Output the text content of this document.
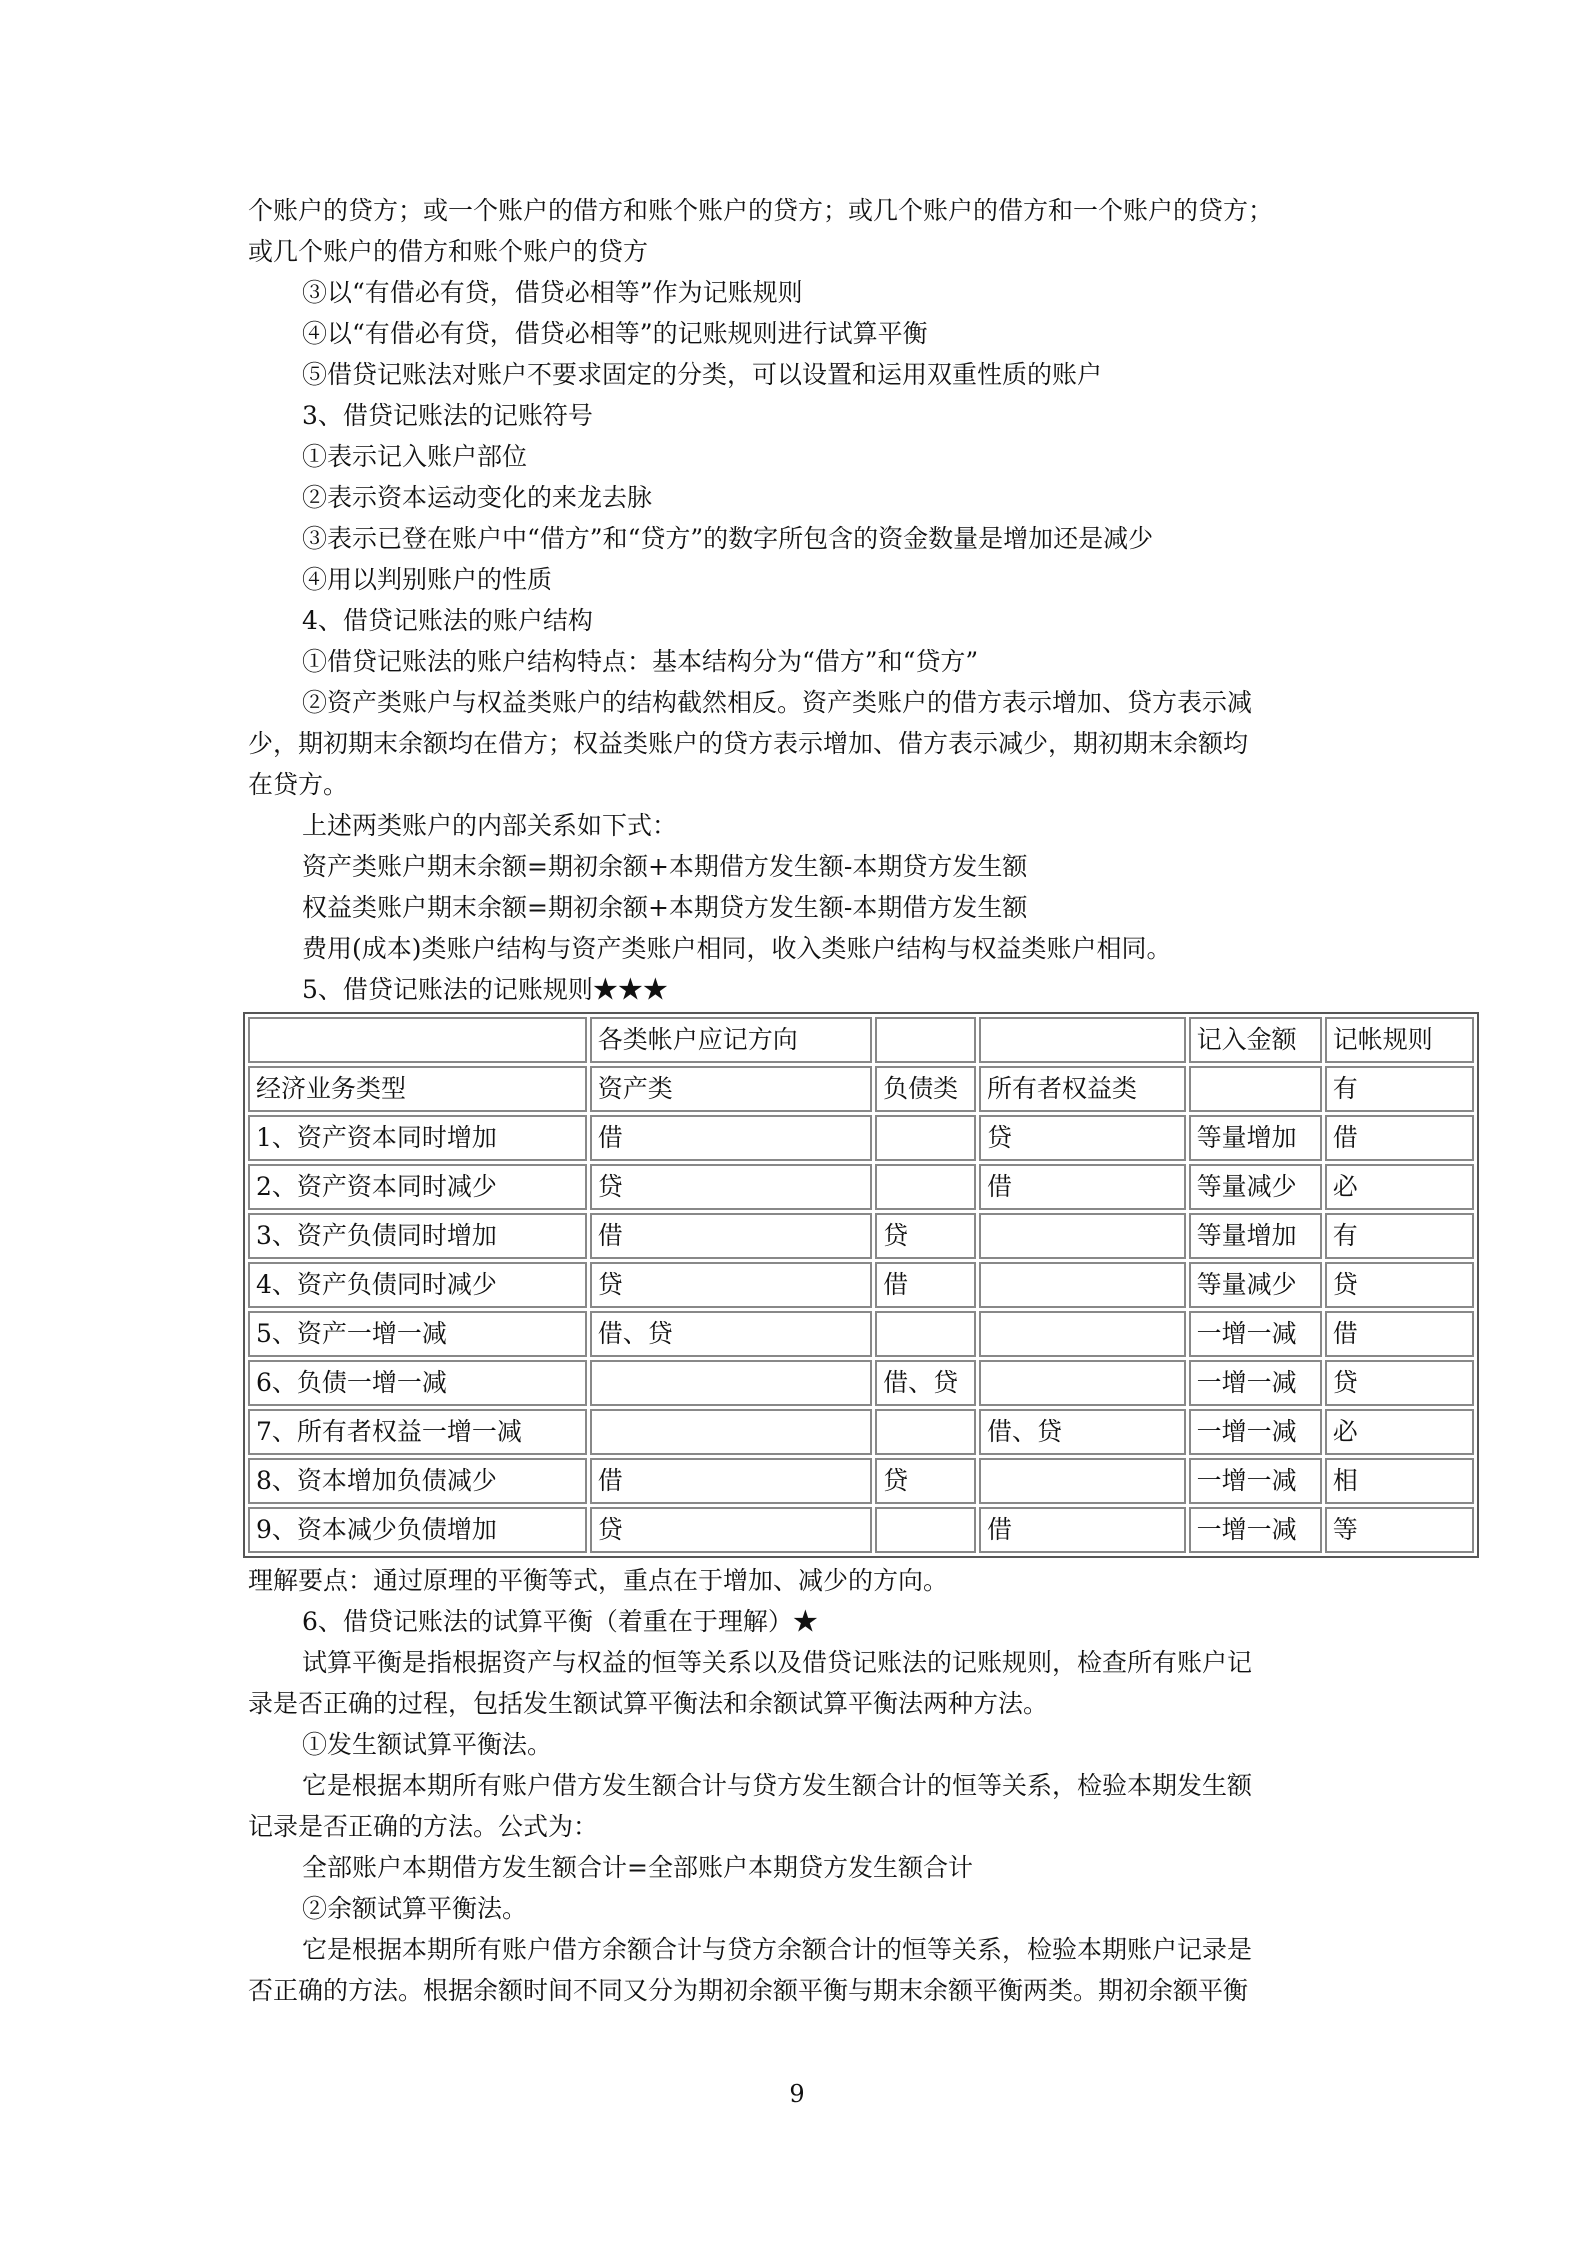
个账户的贷方；或一个账户的借方和账个账户的贷方；或几个账户的借方和一个账户的贷方；

或几个账户的借方和账个账户的贷方

③以“有借必有贷，借贷必相等”作为记账规则

④以“有借必有贷，借贷必相等”的记账规则进行试算平衡

⑤借贷记账法对账户不要求固定的分类，可以设置和运用双重性质的账户

3、借贷记账法的记账符号

①表示记入账户部位

②表示资本运动变化的来龙去脉

③表示已登在账户中“借方”和“贷方”的数字所包含的资金数量是增加还是减少

④用以判别账户的性质

4、借贷记账法的账户结构

①借贷记账法的账户结构特点：基本结构分为“借方”和“贷方”

②资产类账户与权益类账户的结构截然相反。资产类账户的借方表示增加、贷方表示减

少，期初期末余额均在借方；权益类账户的贷方表示增加、借方表示减少，期初期末余额均

在贷方。

上述两类账户的内部关系如下式：

资产类账户期末余额=期初余额+本期借方发生额-本期贷方发生额

权益类账户期末余额=期初余额+本期贷方发生额-本期借方发生额

费用(成本)类账户结构与资产类账户相同，收入类账户结构与权益类账户相同。

5、借贷记账法的记账规则★★★

	各类帐户应记方向			记入金额	记帐规则
经济业务类型	资产类	负债类	所有者权益类		有
1、资产资本同时增加	借		贷	等量增加	借
2、资产资本同时减少	贷		借	等量减少	必
3、资产负债同时增加	借	贷		等量增加	有
4、资产负债同时减少	贷	借		等量减少	贷
5、资产一增一减	借、贷			一增一减	借
6、负债一增一减		借、贷		一增一减	贷
7、所有者权益一增一减			借、贷	一增一减	必
8、资本增加负债减少	借	贷		一增一减	相
9、资本减少负债增加	贷		借	一增一减	等

理解要点：通过原理的平衡等式，重点在于增加、减少的方向。

6、借贷记账法的试算平衡（着重在于理解）★

试算平衡是指根据资产与权益的恒等关系以及借贷记账法的记账规则，检查所有账户记

录是否正确的过程，包括发生额试算平衡法和余额试算平衡法两种方法。

①发生额试算平衡法。

它是根据本期所有账户借方发生额合计与贷方发生额合计的恒等关系，检验本期发生额

记录是否正确的方法。公式为：

全部账户本期借方发生额合计=全部账户本期贷方发生额合计

②余额试算平衡法。

它是根据本期所有账户借方余额合计与贷方余额合计的恒等关系，检验本期账户记录是

否正确的方法。根据余额时间不同又分为期初余额平衡与期末余额平衡两类。期初余额平衡

9
